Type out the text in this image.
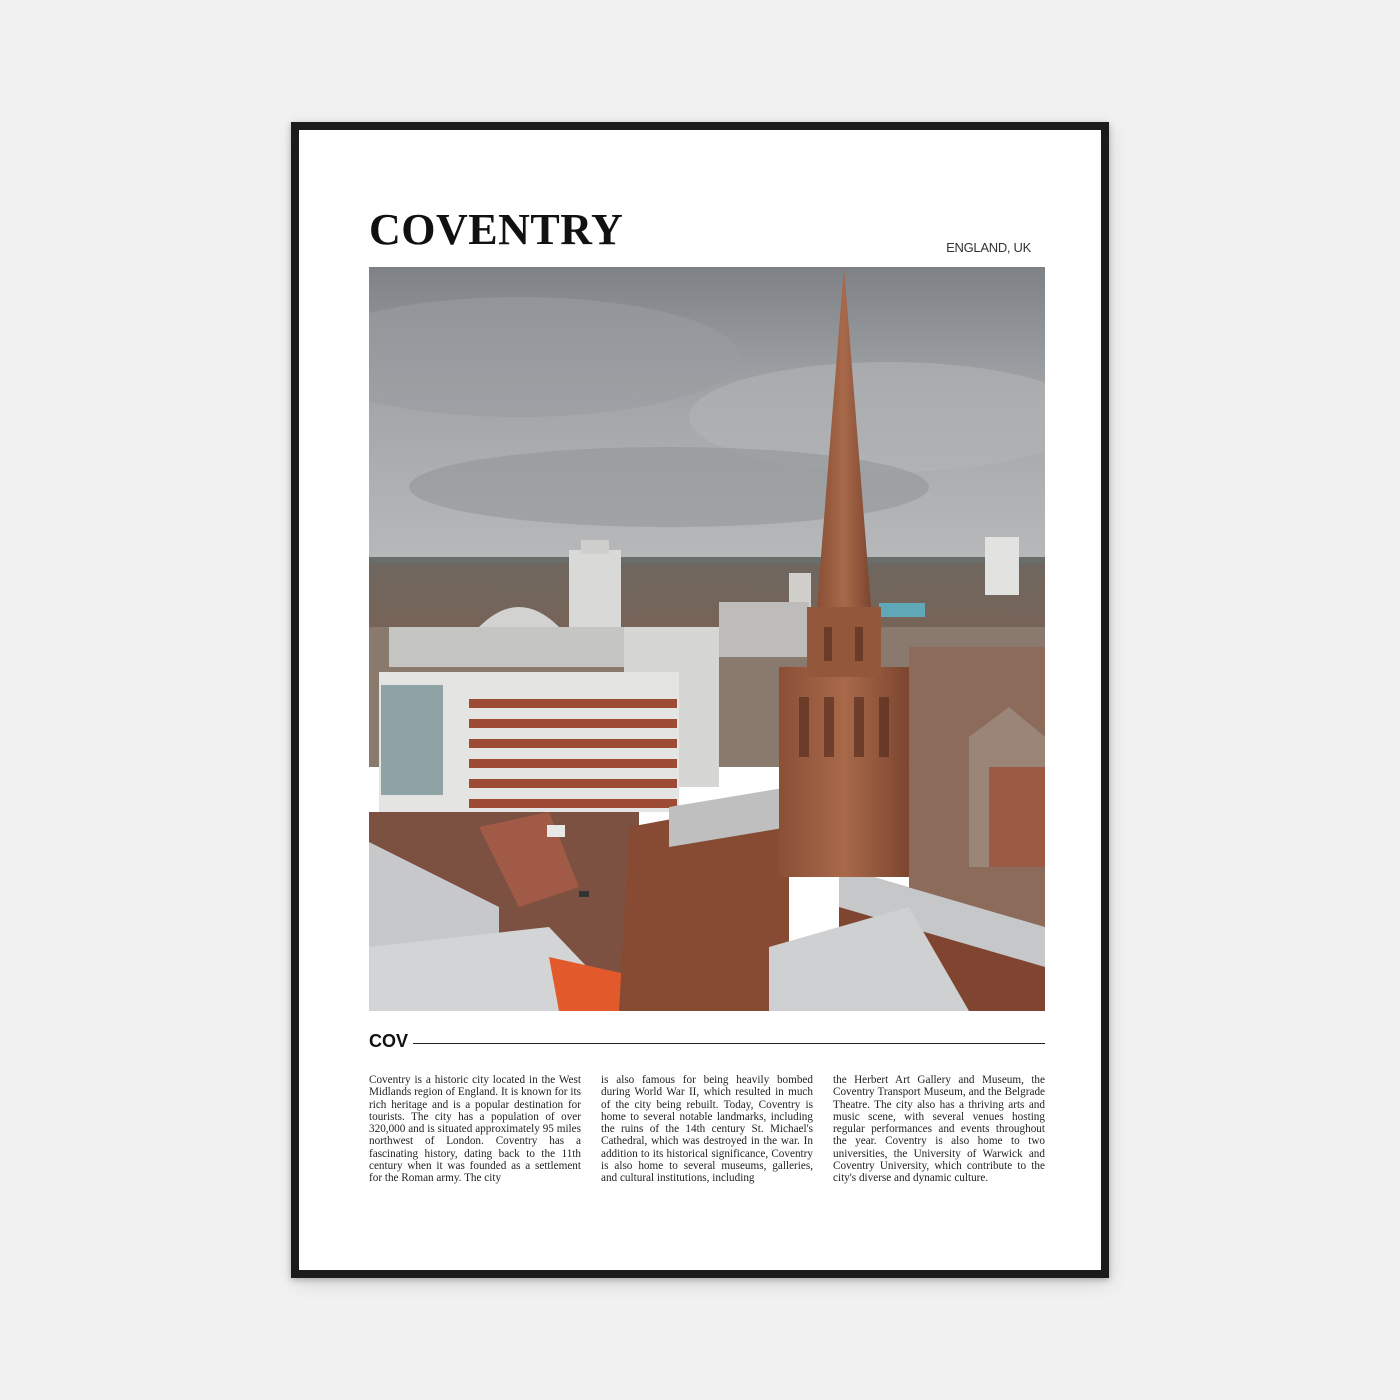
COVENTRY	ENGLAND, UK
COV

Coventry is a historic city located in the West Midlands region of England. It is known for its rich heritage and is a popular destination for tourists. The city has a population of over 320,000 and is situated approximately 95 miles northwest of London. Coventry has a fascinating history, dating back to the 11th century when it was founded as a settlement for the Roman army. The city

is also famous for being heavily bombed during World War II, which resulted in much of the city being rebuilt. Today, Coventry is home to several notable landmarks, including the ruins of the 14th century St. Michael's Cathedral, which was destroyed in the war. In addition to its historical significance, Coventry is also home to several museums, galleries, and cultural institutions, including

the Herbert Art Gallery and Museum, the Coventry Transport Museum, and the Belgrade Theatre. The city also has a thriving arts and music scene, with several venues hosting regular performances and events throughout the year. Coventry is also home to two universities, the University of Warwick and Coventry University, which contribute to the city's diverse and dynamic culture.
